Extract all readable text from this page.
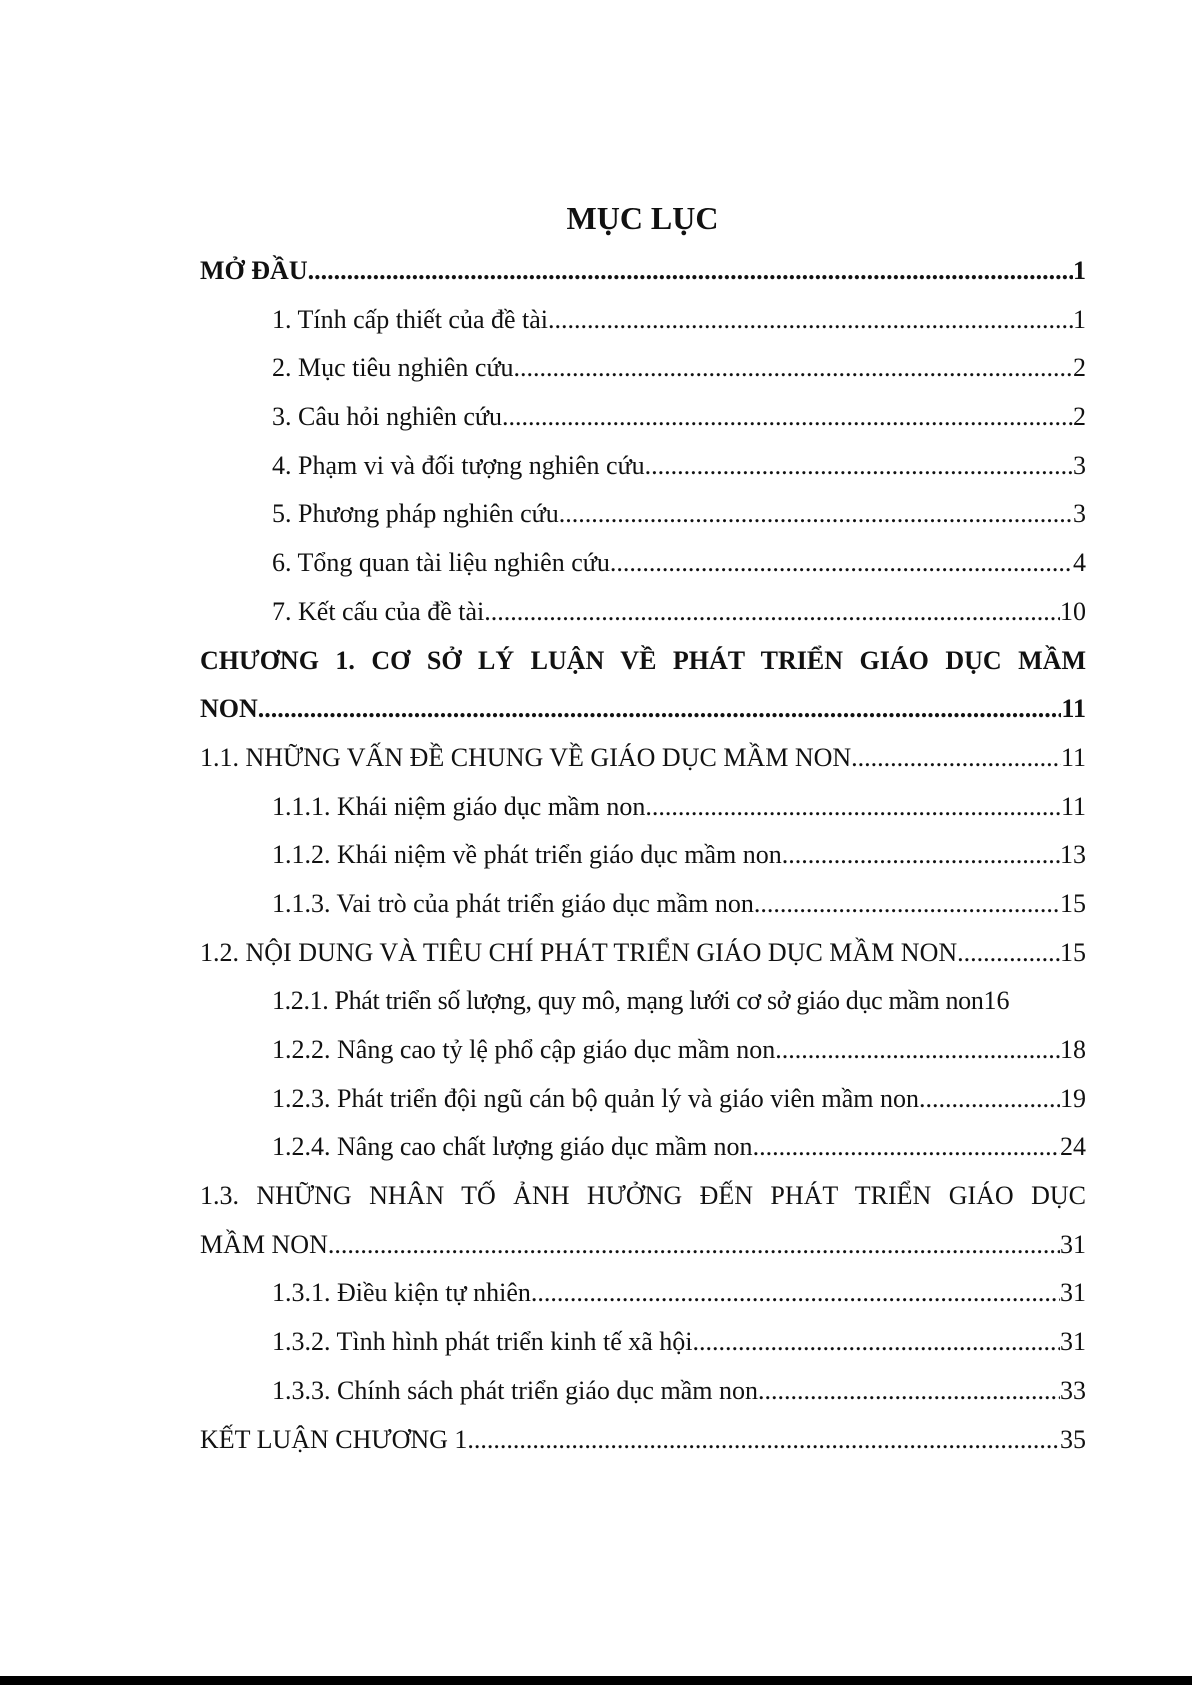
MỤC LỤC
MỞ ĐẦU .....	1
1. Tính cấp thiết của đề tài .....	1
2. Mục tiêu nghiên cứu .....	2
3. Câu hỏi nghiên cứu .....	2
4. Phạm vi và đối tượng nghiên cứu .....	3
5. Phương pháp nghiên cứu .....	3
6. Tổng quan tài liệu nghiên cứu .....	4
7. Kết cấu của đề tài .....	10
CHƯƠNG 1. CƠ SỞ LÝ LUẬN VỀ PHÁT TRIỂN GIÁO DỤC MẦM
NON .....	11
1.1. NHỮNG VẤN ĐỀ CHUNG VỀ GIÁO DỤC MẦM NON .....	11
1.1.1. Khái niệm giáo dục mầm non .....	11
1.1.2. Khái niệm về phát triển giáo dục mầm non .....	13
1.1.3. Vai trò của phát triển giáo dục mầm non .....	15
1.2. NỘI DUNG VÀ TIÊU CHÍ PHÁT TRIỂN GIÁO DỤC MẦM NON .....	15
1.2.1. Phát triển số lượng, quy mô, mạng lưới cơ sở giáo dục mầm non 16
1.2.2. Nâng cao tỷ lệ phổ cập giáo dục mầm non .....	18
1.2.3. Phát triển đội ngũ cán bộ quản lý và giáo viên mầm non .....	19
1.2.4. Nâng cao chất lượng giáo dục mầm non .....	24
1.3. NHỮNG NHÂN TỐ ẢNH HƯỞNG ĐẾN PHÁT TRIỂN GIÁO DỤC
MẦM NON .....	31
1.3.1. Điều kiện tự nhiên .....	31
1.3.2. Tình hình phát triển kinh tế xã hội .....	31
1.3.3. Chính sách phát triển giáo dục mầm non .....	33
KẾT LUẬN CHƯƠNG 1 .....	35
